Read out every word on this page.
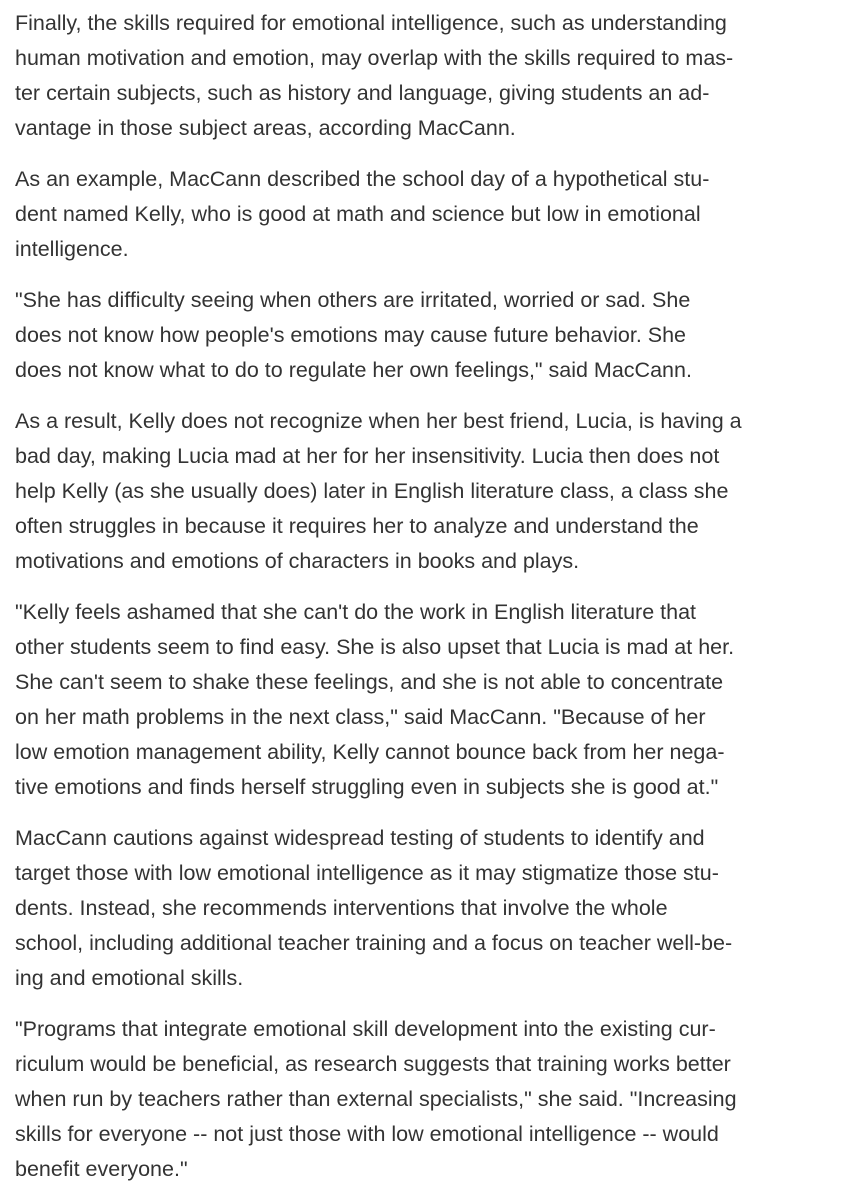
Finally, the skills required for emotional intelligence, such as understanding
human motivation and emotion, may overlap with the skills required to mas-
ter certain subjects, such as history and language, giving students an ad-
vantage in those subject areas, according MacCann.

As an example, MacCann described the school day of a hypothetical stu-
dent named Kelly, who is good at math and science but low in emotional
intelligence.

"She has difficulty seeing when others are irritated, worried or sad. She
does not know how people's emotions may cause future behavior. She
does not know what to do to regulate her own feelings," said MacCann.

As a result, Kelly does not recognize when her best friend, Lucia, is having a
bad day, making Lucia mad at her for her insensitivity. Lucia then does not
help Kelly (as she usually does) later in English literature class, a class she
often struggles in because it requires her to analyze and understand the
motivations and emotions of characters in books and plays.

"Kelly feels ashamed that she can't do the work in English literature that
other students seem to find easy. She is also upset that Lucia is mad at her.
She can't seem to shake these feelings, and she is not able to concentrate
on her math problems in the next class," said MacCann. "Because of her
low emotion management ability, Kelly cannot bounce back from her nega-
tive emotions and finds herself struggling even in subjects she is good at."

MacCann cautions against widespread testing of students to identify and
target those with low emotional intelligence as it may stigmatize those stu-
dents. Instead, she recommends interventions that involve the whole
school, including additional teacher training and a focus on teacher well-be-
ing and emotional skills.

"Programs that integrate emotional skill development into the existing cur-
riculum would be beneficial, as research suggests that training works better
when run by teachers rather than external specialists," she said. "Increasing
skills for everyone -- not just those with low emotional intelligence -- would
benefit everyone."
